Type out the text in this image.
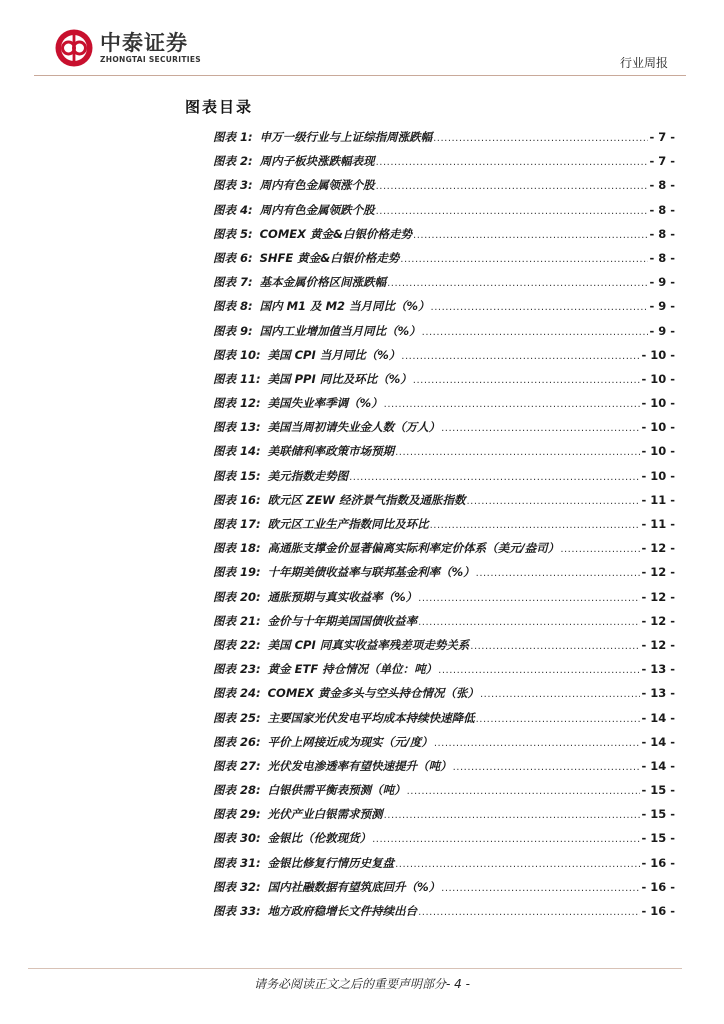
中泰证券
ZHONGTAI SECURITIES	行业周报
图表目录
图表 1: 申万一级行业与上证综指周涨跌幅 .....	- 7 -
图表 2: 周内子板块涨跌幅表现 .....	- 7 -
图表 3: 周内有色金属领涨个股 .....	- 8 -
图表 4: 周内有色金属领跌个股 .....	- 8 -
图表 5: COMEX 黄金&白银价格走势 .....	- 8 -
图表 6: SHFE 黄金&白银价格走势 .....	- 8 -
图表 7: 基本金属价格区间涨跌幅 .....	- 9 -
图表 8: 国内 M1 及 M2 当月同比（%） .....	- 9 -
图表 9: 国内工业增加值当月同比（%） .....	- 9 -
图表 10: 美国 CPI 当月同比（%） .....	- 10 -
图表 11: 美国 PPI 同比及环比（%） .....	- 10 -
图表 12: 美国失业率季调（%） .....	- 10 -
图表 13: 美国当周初请失业金人数（万人） .....	- 10 -
图表 14: 美联储利率政策市场预期 .....	- 10 -
图表 15: 美元指数走势图 .....	- 10 -
图表 16: 欧元区 ZEW 经济景气指数及通胀指数 .....	- 11 -
图表 17: 欧元区工业生产指数同比及环比 .....	- 11 -
图表 18: 高通胀支撑金价显著偏离实际利率定价体系（美元/盎司） .....	- 12 -
图表 19: 十年期美债收益率与联邦基金利率（%） .....	- 12 -
图表 20: 通胀预期与真实收益率（%） .....	- 12 -
图表 21: 金价与十年期美国国债收益率 .....	- 12 -
图表 22: 美国 CPI 同真实收益率残差项走势关系 .....	- 12 -
图表 23: 黄金 ETF 持仓情况（单位：吨） .....	- 13 -
图表 24: COMEX 黄金多头与空头持仓情况（张） .....	- 13 -
图表 25: 主要国家光伏发电平均成本持续快速降低 .....	- 14 -
图表 26: 平价上网接近成为现实（元/度） .....	- 14 -
图表 27: 光伏发电渗透率有望快速提升（吨） .....	- 14 -
图表 28: 白银供需平衡表预测（吨） .....	- 15 -
图表 29: 光伏产业白银需求预测 .....	- 15 -
图表 30: 金银比（伦敦现货） .....	- 15 -
图表 31: 金银比修复行情历史复盘 .....	- 16 -
图表 32: 国内社融数据有望筑底回升（%） .....	- 16 -
图表 33: 地方政府稳增长文件持续出台 .....	- 16 -
请务必阅读正文之后的重要声明部分- 4 -
